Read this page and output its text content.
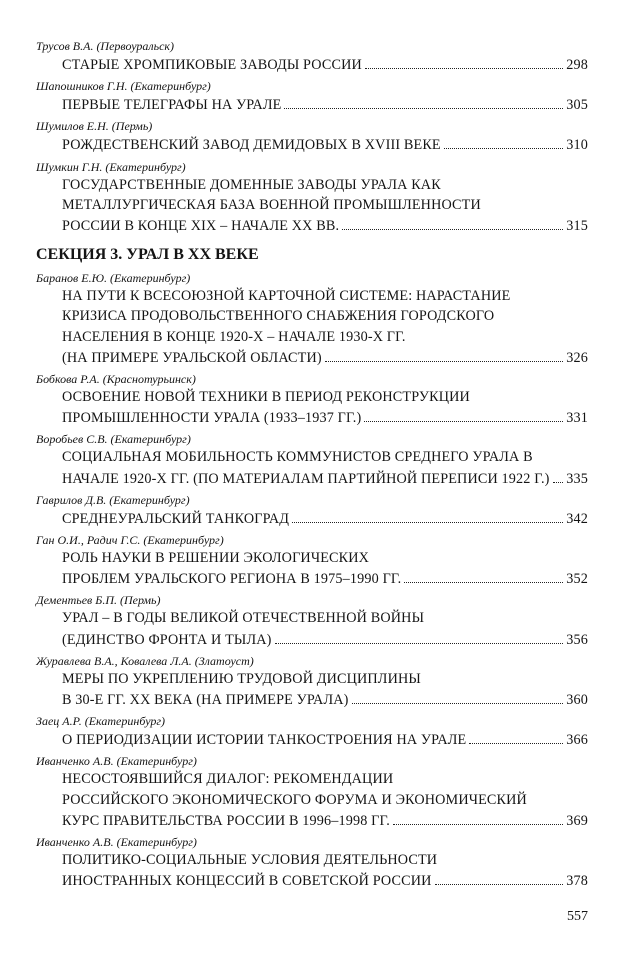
Трусов В.А. (Первоуральск)
СТАРЫЕ ХРОМПИКОВЫЕ ЗАВОДЫ РОССИИ	298
Шапошников Г.Н. (Екатеринбург)
ПЕРВЫЕ ТЕЛЕГРАФЫ НА УРАЛЕ	305
Шумилов Е.Н. (Пермь)
РОЖДЕСТВЕНСКИЙ ЗАВОД ДЕМИДОВЫХ В XVIII ВЕКЕ	310
Шумкин Г.Н. (Екатеринбург)
ГОСУДАРСТВЕННЫЕ ДОМЕННЫЕ ЗАВОДЫ УРАЛА КАК
МЕТАЛЛУРГИЧЕСКАЯ БАЗА ВОЕННОЙ ПРОМЫШЛЕННОСТИ
РОССИИ В КОНЦЕ XIX – НАЧАЛЕ XX ВВ.	315
СЕКЦИЯ 3. УРАЛ В XX ВЕКЕ
Баранов Е.Ю. (Екатеринбург)
НА ПУТИ К ВСЕСОЮЗНОЙ КАРТОЧНОЙ СИСТЕМЕ: НАРАСТАНИЕ
КРИЗИСА ПРОДОВОЛЬСТВЕННОГО СНАБЖЕНИЯ ГОРОДСКОГО
НАСЕЛЕНИЯ В КОНЦЕ 1920-Х – НАЧАЛЕ 1930-Х ГГ.
(НА ПРИМЕРЕ УРАЛЬСКОЙ ОБЛАСТИ)	326
Бобкова Р.А. (Краснотурьинск)
ОСВОЕНИЕ НОВОЙ ТЕХНИКИ В ПЕРИОД РЕКОНСТРУКЦИИ
ПРОМЫШЛЕННОСТИ УРАЛА (1933–1937 ГГ.)	331
Воробьев С.В. (Екатеринбург)
СОЦИАЛЬНАЯ МОБИЛЬНОСТЬ КОММУНИСТОВ СРЕДНЕГО УРАЛА В
НАЧАЛЕ 1920-Х ГГ. (ПО МАТЕРИАЛАМ ПАРТИЙНОЙ ПЕРЕПИСИ 1922 Г.) 335
Гаврилов Д.В. (Екатеринбург)
СРЕДНЕУРАЛЬСКИЙ ТАНКОГРАД	342
Ган О.И., Радич Г.С. (Екатеринбург)
РОЛЬ НАУКИ В РЕШЕНИИ ЭКОЛОГИЧЕСКИХ
ПРОБЛЕМ УРАЛЬСКОГО РЕГИОНА В 1975–1990 ГГ.	352
Дементьев Б.П. (Пермь)
УРАЛ – В ГОДЫ ВЕЛИКОЙ ОТЕЧЕСТВЕННОЙ ВОЙНЫ
(ЕДИНСТВО ФРОНТА И ТЫЛА)	356
Журавлева В.А., Ковалева Л.А. (Златоуст)
МЕРЫ ПО УКРЕПЛЕНИЮ ТРУДОВОЙ ДИСЦИПЛИНЫ
В 30-Е ГГ. XX ВЕКА (НА ПРИМЕРЕ УРАЛА)	360
Заец А.Р. (Екатеринбург)
О ПЕРИОДИЗАЦИИ ИСТОРИИ ТАНКОСТРОЕНИЯ НА УРАЛЕ	366
Иванченко А.В. (Екатеринбург)
НЕСОСТОЯВШИЙСЯ ДИАЛОГ: РЕКОМЕНДАЦИИ
РОССИЙСКОГО ЭКОНОМИЧЕСКОГО ФОРУМА И ЭКОНОМИЧЕСКИЙ
КУРС ПРАВИТЕЛЬСТВА РОССИИ В 1996–1998 ГГ.	369
Иванченко А.В. (Екатеринбург)
ПОЛИТИКО-СОЦИАЛЬНЫЕ УСЛОВИЯ ДЕЯТЕЛЬНОСТИ
ИНОСТРАННЫХ КОНЦЕССИЙ В СОВЕТСКОЙ РОССИИ	378
557
